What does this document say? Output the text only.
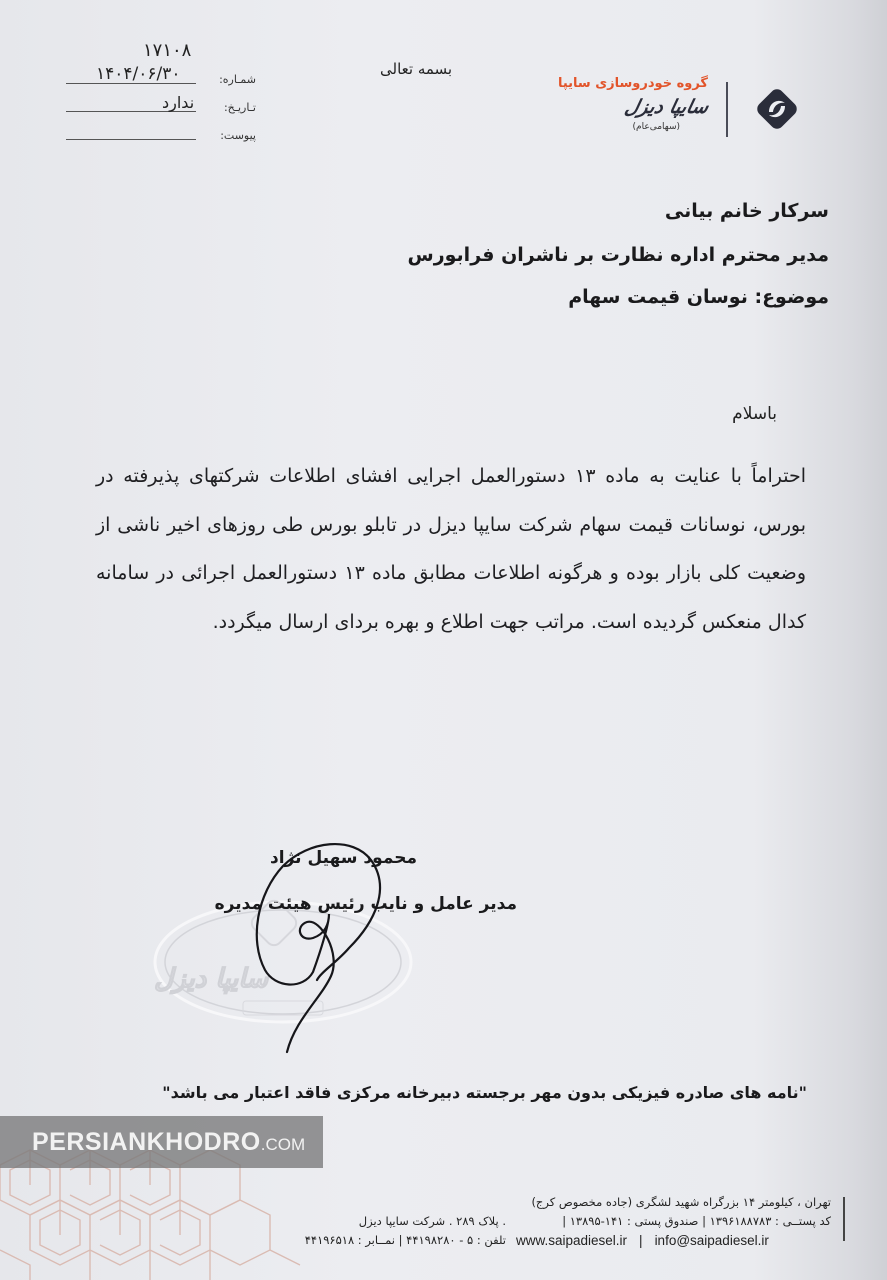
۱۷۱۰۸
۱۴۰۴/۰۶/۳۰	شمـاره:
ندارد	تـاریـخ:
پیوست:
بسمه تعالی
گروه خودروسازی سایپا
سایپا دیزل
(سهامی‌عام)
سرکار خانم بیانی
مدیر محترم اداره نظارت بر ناشران فرابورس
موضوع: نوسان قیمت سهام
باسلام
احتراماً با عنایت به ماده ۱۳ دستورالعمل اجرایی افشای اطلاعات شرکتهای پذیرفته در بورس، نوسانات قیمت سهام شرکت سایپا دیزل در تابلو بورس طی روزهای اخیر ناشی از وضعیت کلی بازار بوده و هرگونه اطلاعات مطابق ماده ۱۳ دستورالعمل اجرائی در سامانه کدال منعکس گردیده است. مراتب جهت اطلاع و بهره بردای ارسال میگردد.
سایپا دیزل
محمود سهیل نژاد
مدیر عامل و نایب رئیس هیئت مدیره
"نامه های صادره فیزیکی بدون مهر برجسته دبیرخانه مرکزی فاقد اعتبار می باشد"
PERSIANKHODRO.COM
تهران ، کیلومتر ۱۴ بزرگراه شهید لشگری (جاده مخصوص کرج)
کد پستــی : ۱۳۹۶۱۸۸۷۸۳ | صندوق پستی : ۱۴۱-۱۳۸۹۵ |
. پلاک ۲۸۹ . شرکت سایپا دیزل
تلفن : ۵ - ۴۴۱۹۸۲۸۰ | نمــابر : ۴۴۱۹۶۵۱۸ www.saipadiesel.ir | info@saipadiesel.ir
